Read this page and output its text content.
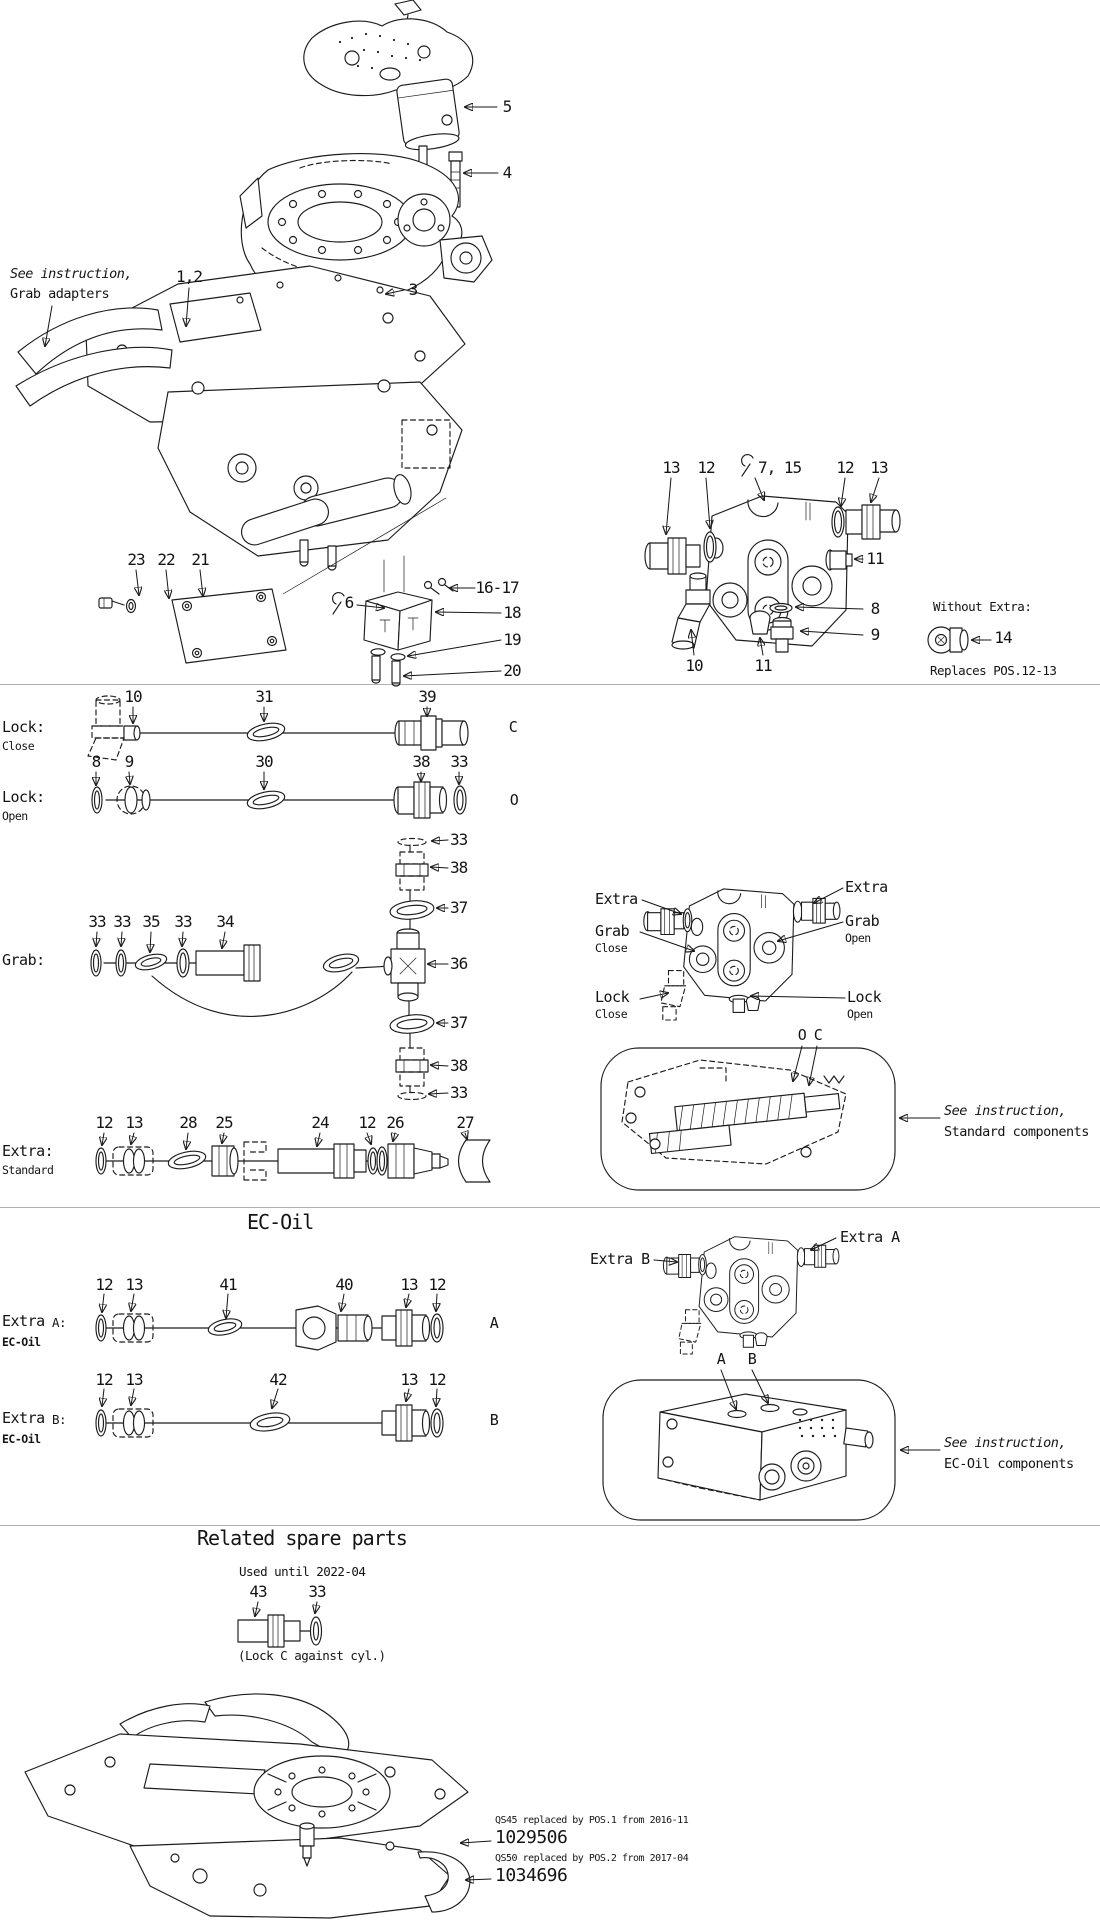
See instruction,
Grab adapters
1,2
3
5
4
13 12	7, 15 12 13
11
8
9
10	11
23 22 21
16-17
18
19
20
6	Without Extra:
14
Replaces POS.12-13
Lock:
Close
C
10	31	39
Lock:
Open
O
8 9	30	38 33
Grab:
33 33 35 33 34
33
38
37
36
37
38
33
Extra:
Standard
12 13 28 25	24 12 26	27
Extra
Grab
Close
Lock
Close
Extra
Grab
Open
Lock
Open
O C
See instruction,
Standard components
EC-Oil
Extra A:
EC-Oil
12 13	41	40	13 12
A
Extra B:
EC-Oil
12 13	42	13 12
B
Extra B
Extra A
A B
See instruction,
EC-Oil components
Related spare parts
Used until 2022-04
43	33
(Lock C against cyl.)
QS45 replaced by POS.1 from 2016-11
1029506
QS50 replaced by POS.2 from 2017-04
1034696
